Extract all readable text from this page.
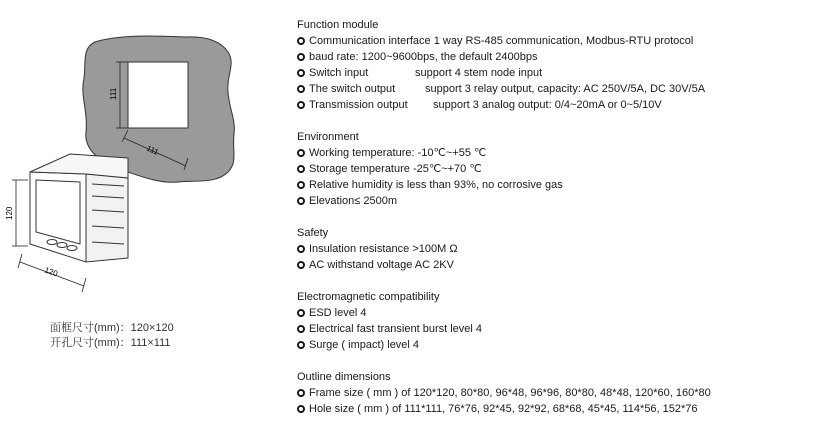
111
111
120
120
面框尺寸(mm)：120×120
开孔尺寸(mm)：111×111
Function module
Communication interface 1 way RS-485 communication, Modbus-RTU protocol
baud rate: 1200~9600bps, the default 2400bps
Switch input	support 4 stem node input
The switch output	support 3 relay output, capacity: AC 250V/5A, DC 30V/5A
Transmission output	support 3 analog output: 0/4~20mA or 0~5/10V
Environment
Working temperature: -10℃~+55 ℃
Storage temperature -25℃~+70 ℃
Relative humidity is less than 93%, no corrosive gas
Elevation≤ 2500m
Safety
Insulation resistance >100M Ω
AC withstand voltage AC 2KV
Electromagnetic compatibility
ESD level 4
Electrical fast transient burst level 4
Surge ( impact) level 4
Outline dimensions
Frame size ( mm ) of 120*120, 80*80, 96*48, 96*96, 80*80, 48*48, 120*60, 160*80
Hole size ( mm ) of 111*111, 76*76, 92*45, 92*92, 68*68, 45*45, 114*56, 152*76
